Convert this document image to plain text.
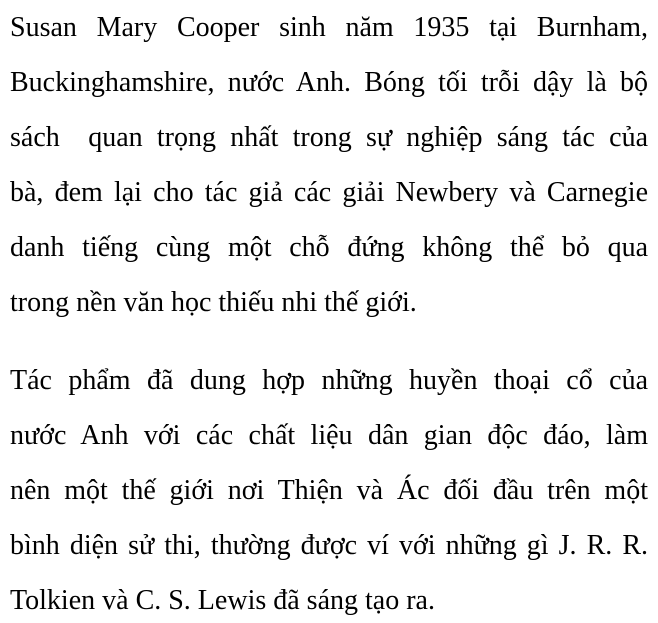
Susan Mary Cooper sinh năm 1935 tại Burnham,
Buckinghamshire, nước Anh. Bóng tối trỗi dậy là bộ
sách  quan trọng nhất trong sự nghiệp sáng tác của
bà, đem lại cho tác giả các giải Newbery và Carnegie
danh tiếng cùng một chỗ đứng không thể bỏ qua
trong nền văn học thiếu nhi thế giới.
Tác phẩm đã dung hợp những huyền thoại cổ của
nước Anh với các chất liệu dân gian độc đáo, làm
nên một thế giới nơi Thiện và Ác đối đầu trên một
bình diện sử thi, thường được ví với những gì J. R. R.
Tolkien và C. S. Lewis đã sáng tạo ra.
